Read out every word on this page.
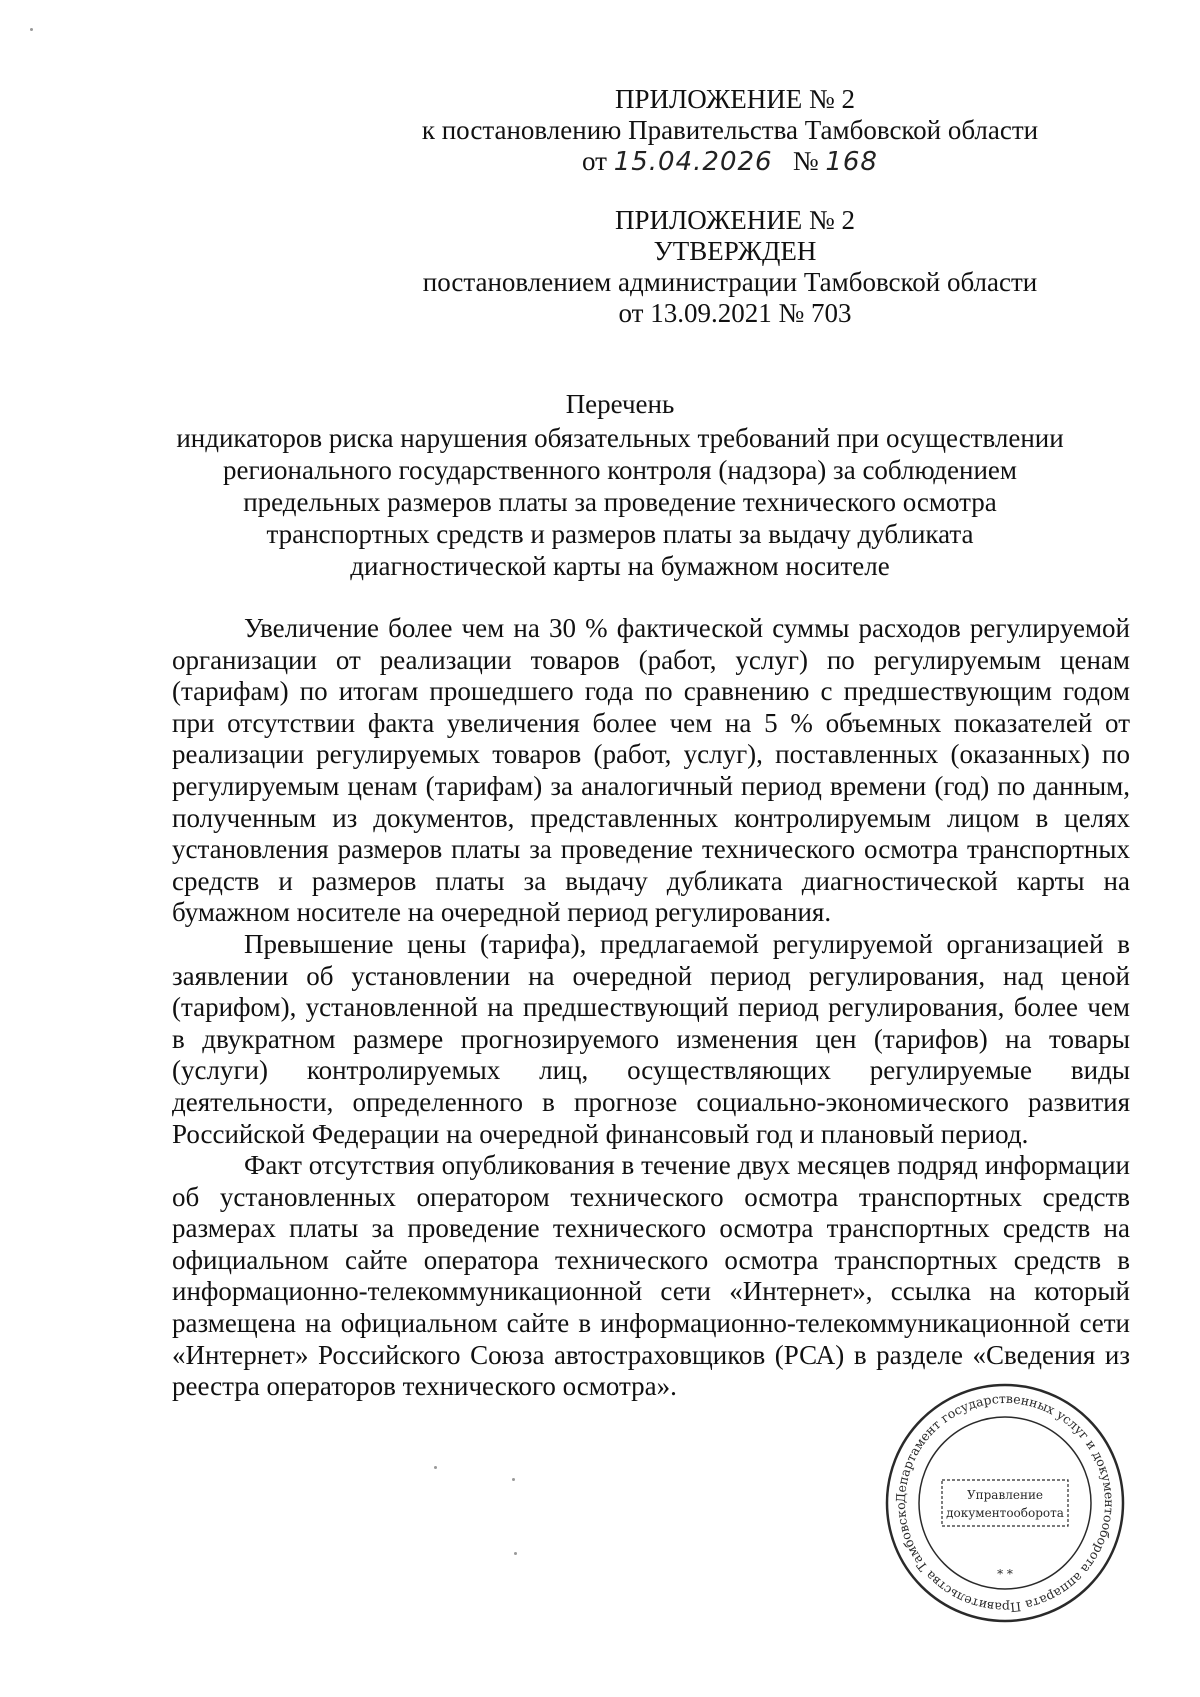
ПРИЛОЖЕНИЕ № 2
к постановлению Правительства Тамбовской области
от 15.04.2026 № 168
ПРИЛОЖЕНИЕ № 2
УТВЕРЖДЕН
постановлением администрации Тамбовской области
от 13.09.2021 № 703
Перечень
индикаторов риска нарушения обязательных требований при осуществлении
регионального государственного контроля (надзора) за соблюдением
предельных размеров платы за проведение технического осмотра
транспортных средств и размеров платы за выдачу дубликата
диагностической карты на бумажном носителе

Увеличение более чем на 30 % фактической суммы расходов регулируемой организации от реализации товаров (работ, услуг) по регулируемым ценам (тарифам) по итогам прошедшего года по сравнению с предшествующим годом при отсутствии факта увеличения более чем на 5 % объемных показателей от реализации регулируемых товаров (работ, услуг), поставленных (оказанных) по регулируемым ценам (тарифам) за аналогичный период времени (год) по данным, полученным из документов, представленных контролируемым лицом в целях установления размеров платы за проведение технического осмотра транспортных средств и размеров платы за выдачу дубликата диагностической карты на бумажном носителе на очередной период регулирования.

Превышение цены (тарифа), предлагаемой регулируемой организацией в заявлении об установлении на очередной период регулирования, над ценой (тарифом), установленной на предшествующий период регулирования, более чем в двукратном размере прогнозируемого изменения цен (тарифов) на товары (услуги) контролируемых лиц, осуществляющих регулируемые виды деятельности, определенного в прогнозе социально-экономического развития Российской Федерации на очередной финансовый год и плановый период.

Факт отсутствия опубликования в течение двух месяцев подряд информации об установленных оператором технического осмотра транспортных средств размерах платы за проведение технического осмотра транспортных средств на официальном сайте оператора технического осмотра транспортных средств в информационно-телекоммуникационной сети «Интернет», ссылка на который размещена на официальном сайте в информационно-телекоммуникационной сети «Интернет» Российского Союза автостраховщиков (РСА) в разделе «Сведения из реестра операторов технического осмотра».

Департамент государственных услуг и документооборота аппарата Правительства Тамбовско
Управление
документооборота
* *
